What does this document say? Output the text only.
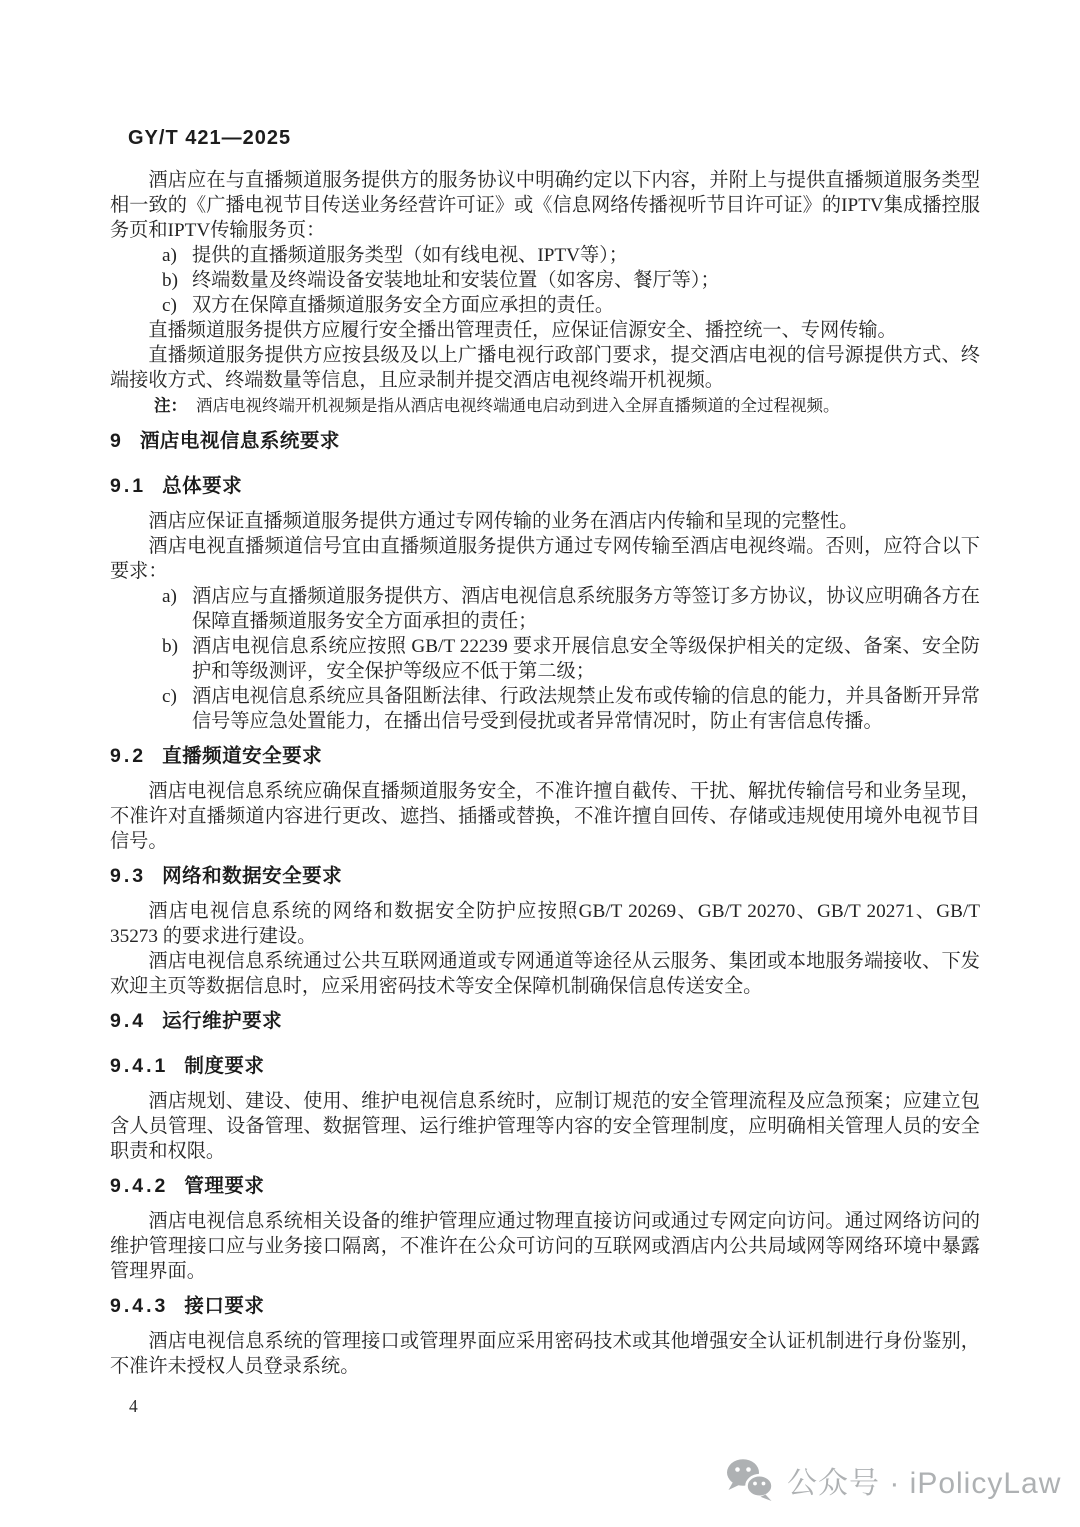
GY/T 421—2025

酒店应在与直播频道服务提供方的服务协议中明确约定以下内容，并附上与提供直播频道服务类型相一致的《广播电视节目传送业务经营许可证》或《信息网络传播视听节目许可证》的IPTV集成播控服务页和IPTV传输服务页：

a) 提供的直播频道服务类型（如有线电视、IPTV等）；
b) 终端数量及终端设备安装地址和安装位置（如客房、餐厅等）；
c) 双方在保障直播频道服务安全方面应承担的责任。

直播频道服务提供方应履行安全播出管理责任，应保证信源安全、播控统一、专网传输。

直播频道服务提供方应按县级及以上广播电视行政部门要求，提交酒店电视的信号源提供方式、终端接收方式、终端数量等信息，且应录制并提交酒店电视终端开机视频。

注： 酒店电视终端开机视频是指从酒店电视终端通电启动到进入全屏直播频道的全过程视频。
9 酒店电视信息系统要求
9.1 总体要求

酒店应保证直播频道服务提供方通过专网传输的业务在酒店内传输和呈现的完整性。

酒店电视直播频道信号宜由直播频道服务提供方通过专网传输至酒店电视终端。否则，应符合以下要求：

a) 酒店应与直播频道服务提供方、酒店电视信息系统服务方等签订多方协议，协议应明确各方在保障直播频道服务安全方面承担的责任；
b) 酒店电视信息系统应按照 GB/T 22239 要求开展信息安全等级保护相关的定级、备案、安全防护和等级测评，安全保护等级应不低于第二级；
c) 酒店电视信息系统应具备阻断法律、行政法规禁止发布或传输的信息的能力，并具备断开异常信号等应急处置能力，在播出信号受到侵扰或者异常情况时，防止有害信息传播。
9.2 直播频道安全要求

酒店电视信息系统应确保直播频道服务安全，不准许擅自截传、干扰、解扰传输信号和业务呈现，不准许对直播频道内容进行更改、遮挡、插播或替换，不准许擅自回传、存储或违规使用境外电视节目信号。

9.3 网络和数据安全要求

酒店电视信息系统的网络和数据安全防护应按照GB/T 20269、GB/T 20270、GB/T 20271、GB/T 35273 的要求进行建设。

酒店电视信息系统通过公共互联网通道或专网通道等途径从云服务、集团或本地服务端接收、下发欢迎主页等数据信息时，应采用密码技术等安全保障机制确保信息传送安全。

9.4 运行维护要求
9.4.1 制度要求

酒店规划、建设、使用、维护电视信息系统时，应制订规范的安全管理流程及应急预案；应建立包含人员管理、设备管理、数据管理、运行维护管理等内容的安全管理制度，应明确相关管理人员的安全职责和权限。

9.4.2 管理要求

酒店电视信息系统相关设备的维护管理应通过物理直接访问或通过专网定向访问。通过网络访问的维护管理接口应与业务接口隔离，不准许在公众可访问的互联网或酒店内公共局域网等网络环境中暴露管理界面。

9.4.3 接口要求

酒店电视信息系统的管理接口或管理界面应采用密码技术或其他增强安全认证机制进行身份鉴别，不准许未授权人员登录系统。

4
公众号 · iPolicyLaw
